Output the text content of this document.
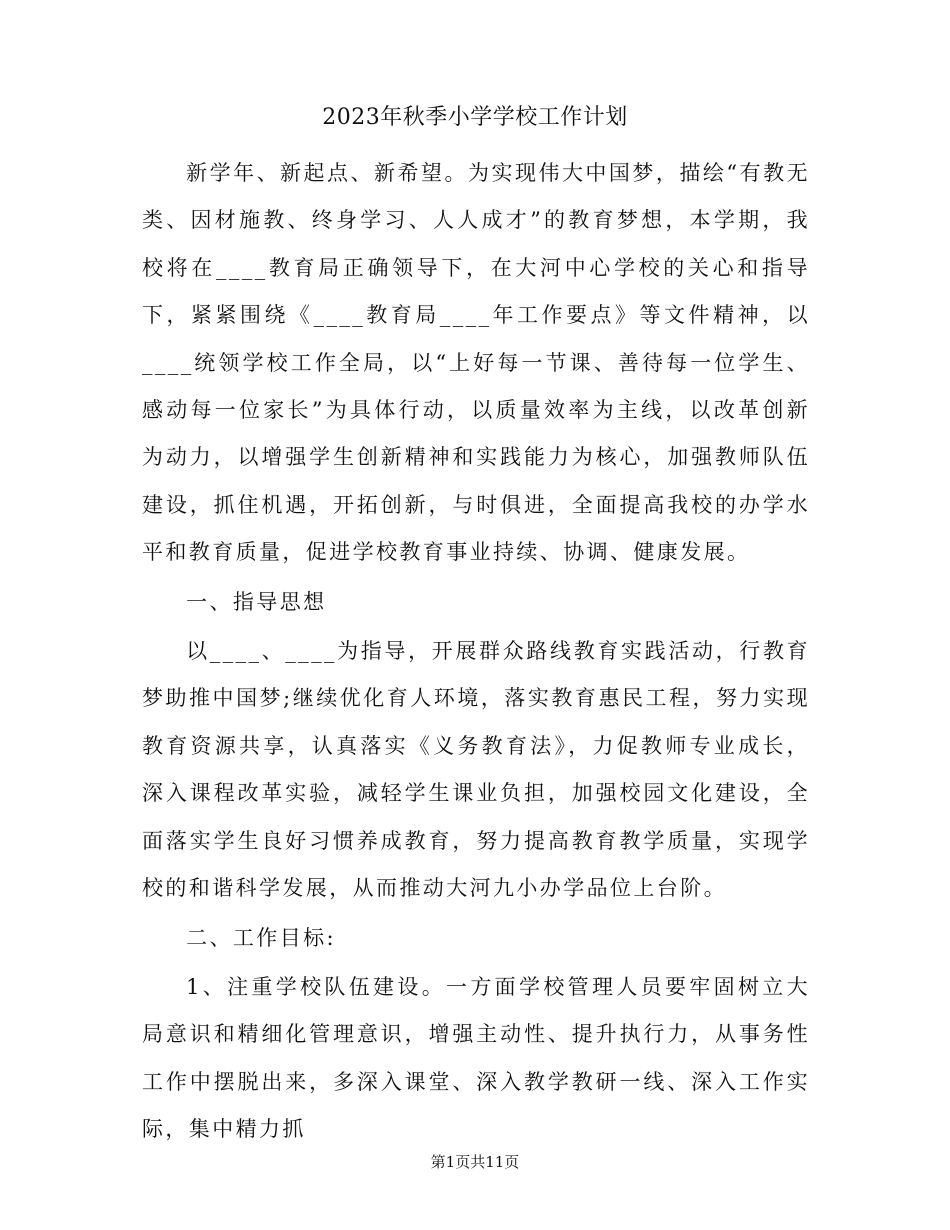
2023年秋季小学学校工作计划

新学年、新起点、新希望。为实现伟大中国梦，描绘“有教无类、因材施教、终身学习、人人成才”的教育梦想，本学期，我校将在____教育局正确领导下，在大河中心学校的关心和指导下，紧紧围绕《____教育局____年工作要点》等文件精神，以____统领学校工作全局，以“上好每一节课、善待每一位学生、感动每一位家长”为具体行动，以质量效率为主线，以改革创新为动力，以增强学生创新精神和实践能力为核心，加强教师队伍建设，抓住机遇，开拓创新，与时俱进，全面提高我校的办学水平和教育质量，促进学校教育事业持续、协调、健康发展。

一、指导思想

以____、____为指导，开展群众路线教育实践活动，行教育梦助推中国梦;继续优化育人环境，落实教育惠民工程，努力实现教育资源共享，认真落实《义务教育法》，力促教师专业成长，深入课程改革实验，减轻学生课业负担，加强校园文化建设，全面落实学生良好习惯养成教育，努力提高教育教学质量，实现学校的和谐科学发展，从而推动大河九小办学品位上台阶。

二、工作目标:

1、注重学校队伍建设。一方面学校管理人员要牢固树立大局意识和精细化管理意识，增强主动性、提升执行力，从事务性工作中摆脱出来，多深入课堂、深入教学教研一线、深入工作实际，集中精力抓

第1页共11页
